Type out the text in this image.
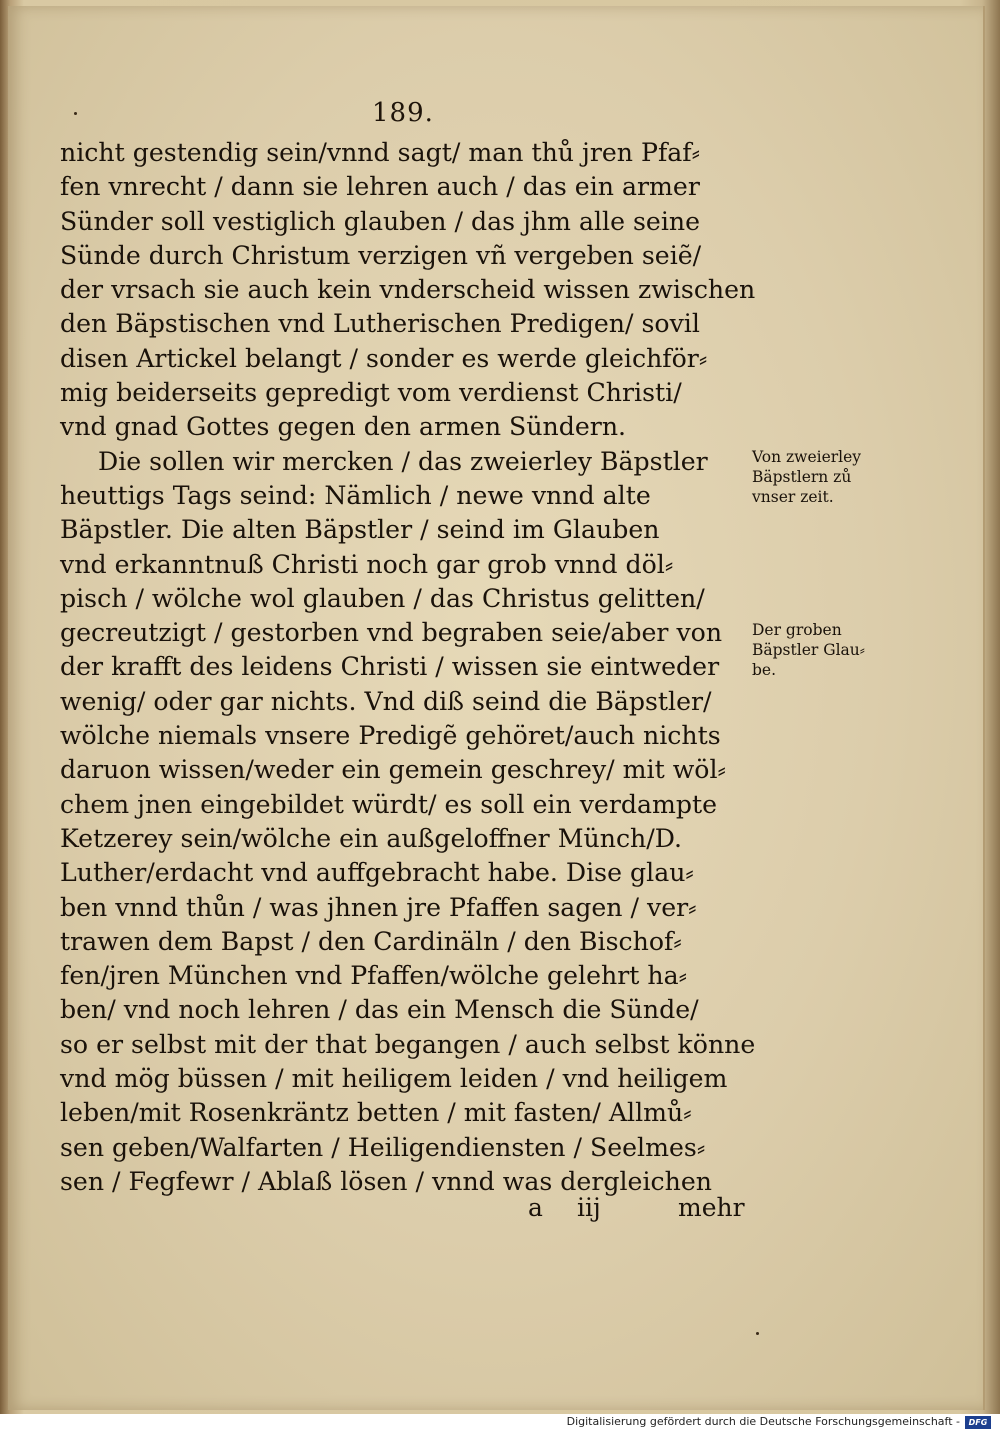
189.
nicht gestendig sein/vnnd sagt/ man thů jren Pfaf⸗
fen vnrecht / dann sie lehren auch / das ein armer
Sünder soll vestiglich glauben / das jhm alle seine
Sünde durch Christum verzigen vñ vergeben seiẽ/
der vrsach sie auch kein vnderscheid wissen zwischen
den Bäpstischen vnd Lutherischen Predigen/ sovil
disen Artickel belangt / sonder es werde gleichför⸗
mig beiderseits gepredigt vom verdienst Christi/
vnd gnad Gottes gegen den armen Sündern.
Die sollen wir mercken / das zweierley Bäpstler
heuttigs Tags seind: Nämlich / newe vnnd alte
Bäpstler. Die alten Bäpstler / seind im Glauben
vnd erkanntnuß Christi noch gar grob vnnd döl⸗
pisch / wölche wol glauben / das Christus gelitten/
gecreutzigt / gestorben vnd begraben seie/aber von
der krafft des leidens Christi / wissen sie eintweder
wenig/ oder gar nichts. Vnd diß seind die Bäpstler/
wölche niemals vnsere Predigẽ gehöret/auch nichts
daruon wissen/weder ein gemein geschrey/ mit wöl⸗
chem jnen eingebildet würdt/ es soll ein verdampte
Ketzerey sein/wölche ein außgeloffner Münch/D.
Luther/erdacht vnd auffgebracht habe. Dise glau⸗
ben vnnd thůn / was jhnen jre Pfaffen sagen / ver⸗
trawen dem Bapst / den Cardinäln / den Bischof⸗
fen/jren München vnd Pfaffen/wölche gelehrt ha⸗
ben/ vnd noch lehren / das ein Mensch die Sünde/
so er selbst mit der that begangen / auch selbst könne
vnd mög büssen / mit heiligem leiden / vnd heiligem
leben/mit Rosenkräntz betten / mit fasten/ Allmů⸗
sen geben/Walfarten / Heiligendiensten / Seelmes⸗
sen / Fegfewr / Ablaß lösen / vnnd was dergleichen
a iij	mehr
Von zweierley
Bäpstlern zů
vnser zeit.
Der groben
Bäpstler Glau⸗
be.
Digitalisierung gefördert durch die Deutsche Forschungsgemeinschaft -	DFG
